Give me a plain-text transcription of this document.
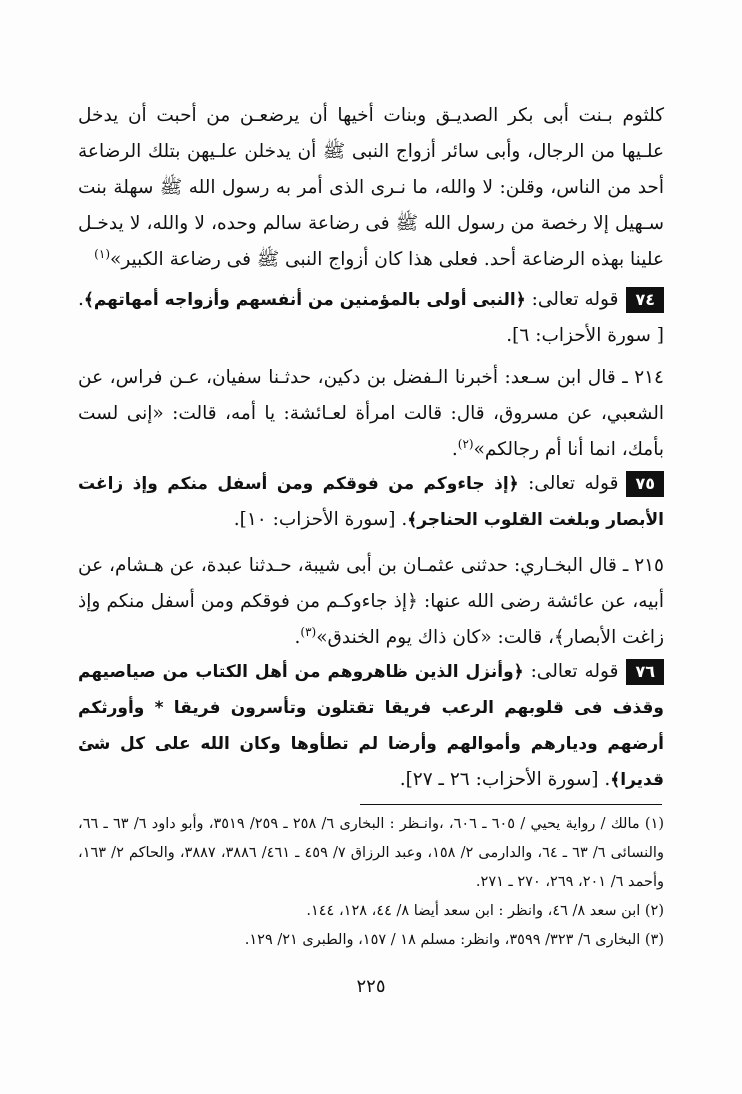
كلثوم بـنت أبى بكر الصديـق وبنات أخيها أن يرضعـن من أحبت أن يدخل علـيها من الرجال، وأبى سائر أزواج النبى ﷺ أن يدخلن علـيهن بتلك الرضاعة أحد من الناس، وقلن: لا والله، ما نـرى الذى أمر به رسول الله ﷺ سهلة بنت سـهيل إلا رخصة من رسول الله ﷺ فى رضاعة سالم وحده، لا والله، لا يدخـل علينا بهذه الرضاعة أحد. فعلى هذا كان أزواج النبى ﷺ فى رضاعة الكبير»$^{(١)}$

٧٤قوله تعالى: ﴿النبى أولى بالمؤمنين من أنفسهم وأزواجه أمهاتهم﴾. [ سورة الأحزاب: ٦].

٢١٤ ـ قال ابن سـعد: أخبرنا الـفضل بن دكين، حدثـنا سفيان، عـن فراس، عن الشعبي، عن مسروق، قال: قالت امرأة لعـائشة: يا أمه، قالت: «إنى لست بأمك، انما أنا أم رجالكم»$^{(٢)}$.

٧٥قوله تعالى: ﴿إذ جاءوكم من فوقكم ومن أسفل منكم وإذ زاغت الأبصار وبلغت القلوب الحناجر﴾. [سورة الأحزاب: ١٠].

٢١٥ ـ قال البخـاري: حدثنى عثمـان بن أبى شيبة، حـدثنا عبدة، عن هـشام، عن أبيه، عن عائشة رضى الله عنها: ﴿إذ جاءوكـم من فوقكم ومن أسفل منكم وإذ زاغت الأبصار﴾، قالت: «كان ذاك يوم الخندق»$^{(٣)}$.

٧٦قوله تعالى: ﴿وأنزل الذين ظاهروهم من أهل الكتاب من صياصيهم وقذف فى قلوبهم الرعب فريقا تقتلون وتأسرون فريقا * وأورثكم أرضهم وديارهم وأموالهم وأرضا لم تطأوها وكان الله على كل شئ قديرا﴾. [سورة الأحزاب: ٢٦ ـ ٢٧].

(١) مالك / رواية يحيي / ٦٠٥ ـ ٦٠٦، ،وانـظر : البخارى ٦/ ٢٥٨ ـ ٢٥٩/ ٣٥١٩، وأبو داود ٦/ ٦٣ ـ ٦٦، والنسائى ٦/ ٦٣ ـ ٦٤، والدارمى ٢/ ١٥٨، وعبد الرزاق ٧/ ٤٥٩ ـ ٤٦١/ ٣٨٨٦، ٣٨٨٧، والحاكم ٢/ ١٦٣، وأحمد ٦/ ٢٠١، ٢٦٩، ٢٧٠ ـ ٢٧١.

(٢) ابن سعد ٨/ ٤٦، وانظر : ابن سعد أيضا ٨/ ٤٤، ١٢٨، ١٤٤.

(٣) البخارى ٦/ ٣٢٣/ ٣٥٩٩، وانظر: مسلم ١٨ / ١٥٧، والطبرى ٢١/ ١٢٩.

٢٢٥
